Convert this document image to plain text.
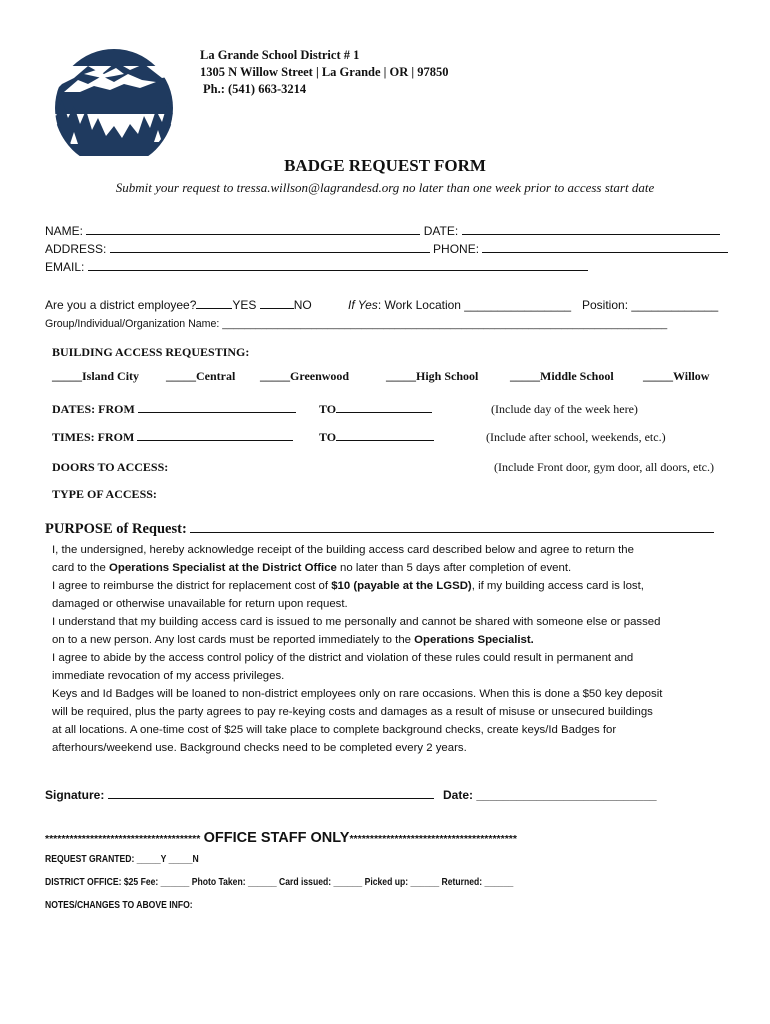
La Grande School District # 1
1305 N Willow Street | La Grande | OR | 97850
Ph.: (541) 663-3214
BADGE REQUEST FORM
Submit your request to tressa.willson@lagrandesd.org no later than one week prior to access start date
NAME:	DATE:
ADDRESS:	PHONE:
EMAIL:
Are you a district employee?	YES	NO	If Yes: Work Location ________________ Position: _____________
Group/Individual/Organization Name: ________________________________________________________________________________
BUILDING ACCESS REQUESTING:
_____Island City _____Central _____Greenwood	_____High School	_____Middle School _____Willow
DATES: FROM	TO	(Include day of the week here)
TIMES: FROM	TO	(Include after school, weekends, etc.)
DOORS TO ACCESS:	(Include Front door, gym door, all doors, etc.)
TYPE OF ACCESS:
PURPOSE of Request:

I, the undersigned, hereby acknowledge receipt of the building access card described below and agree to return the

card to the Operations Specialist at the District Office no later than 5 days after completion of event.

I agree to reimburse the district for replacement cost of $10 (payable at the LGSD), if my building access card is lost,

damaged or otherwise unavailable for return upon request.

I understand that my building access card is issued to me personally and cannot be shared with someone else or passed

on to a new person. Any lost cards must be reported immediately to the Operations Specialist.

I agree to abide by the access control policy of the district and violation of these rules could result in permanent and

immediate revocation of my access privileges.

Keys and Id Badges will be loaned to non-district employees only on rare occasions. When this is done a $50 key deposit

will be required, plus the party agrees to pay re-keying costs and damages as a result of misuse or unsecured buildings

at all locations. A one-time cost of $25 will take place to complete background checks, create keys/Id Badges for

afterhours/weekend use. Background checks need to be completed every 2 years.

Signature:	Date: ___________________________
************************************** OFFICE STAFF ONLY*****************************************
REQUEST GRANTED: _____Y _____N
DISTRICT OFFICE: $25 Fee: ______ Photo Taken: ______ Card issued: ______ Picked up: ______ Returned: ______
NOTES/CHANGES TO ABOVE INFO:
